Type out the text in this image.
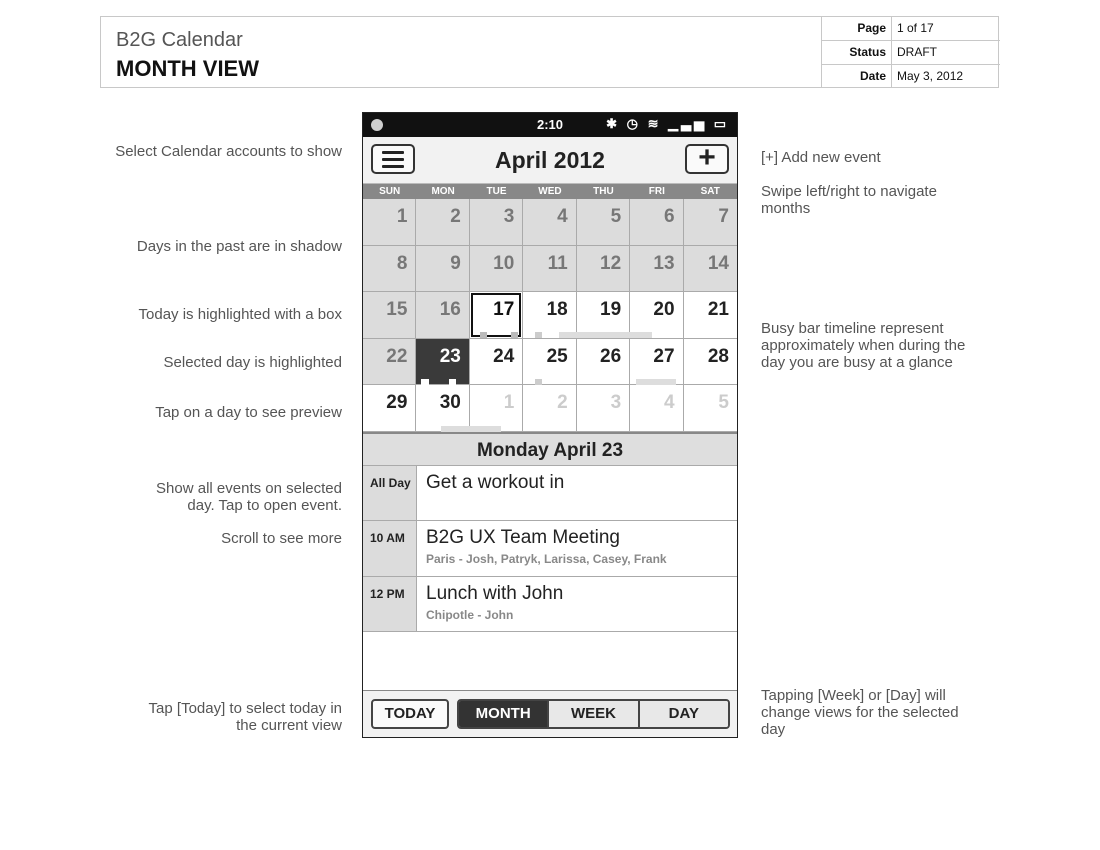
B2G Calendar
MONTH VIEW
Page 1 of 17
Status DRAFT
Date May 3, 2012
Select Calendar accounts to show
Days in the past are in shadow
Today is highlighted with a box
Selected day is highlighted
Tap on a day to see preview
Show all events on selected day. Tap to open event.
Scroll to see more
Tap [Today] to select today in the current view
[+] Add new event
Swipe left/right to navigate months
Busy bar timeline represent approximately when during the day you are busy at a glance
Tapping [Week] or [Day] will change views for the selected day
2:10	✱ ◷ ≋ ▁▃▅ ▭
April 2012	+
SUN	MON	TUE	WED	THU	FRI	SAT
1	2	3	4	5	6	7
8	9	10	11	12	13	14
15	16	17	18	19	20	21
22	23	24	25	26	27	28
29	30	1	2	3	4	5
Monday April 23
All Day Get a workout in
10 AM	B2G UX Team Meeting
Paris - Josh, Patryk, Larissa, Casey, Frank
12 PM	Lunch with John
Chipotle - John
TODAY	MONTH	WEEK	DAY
